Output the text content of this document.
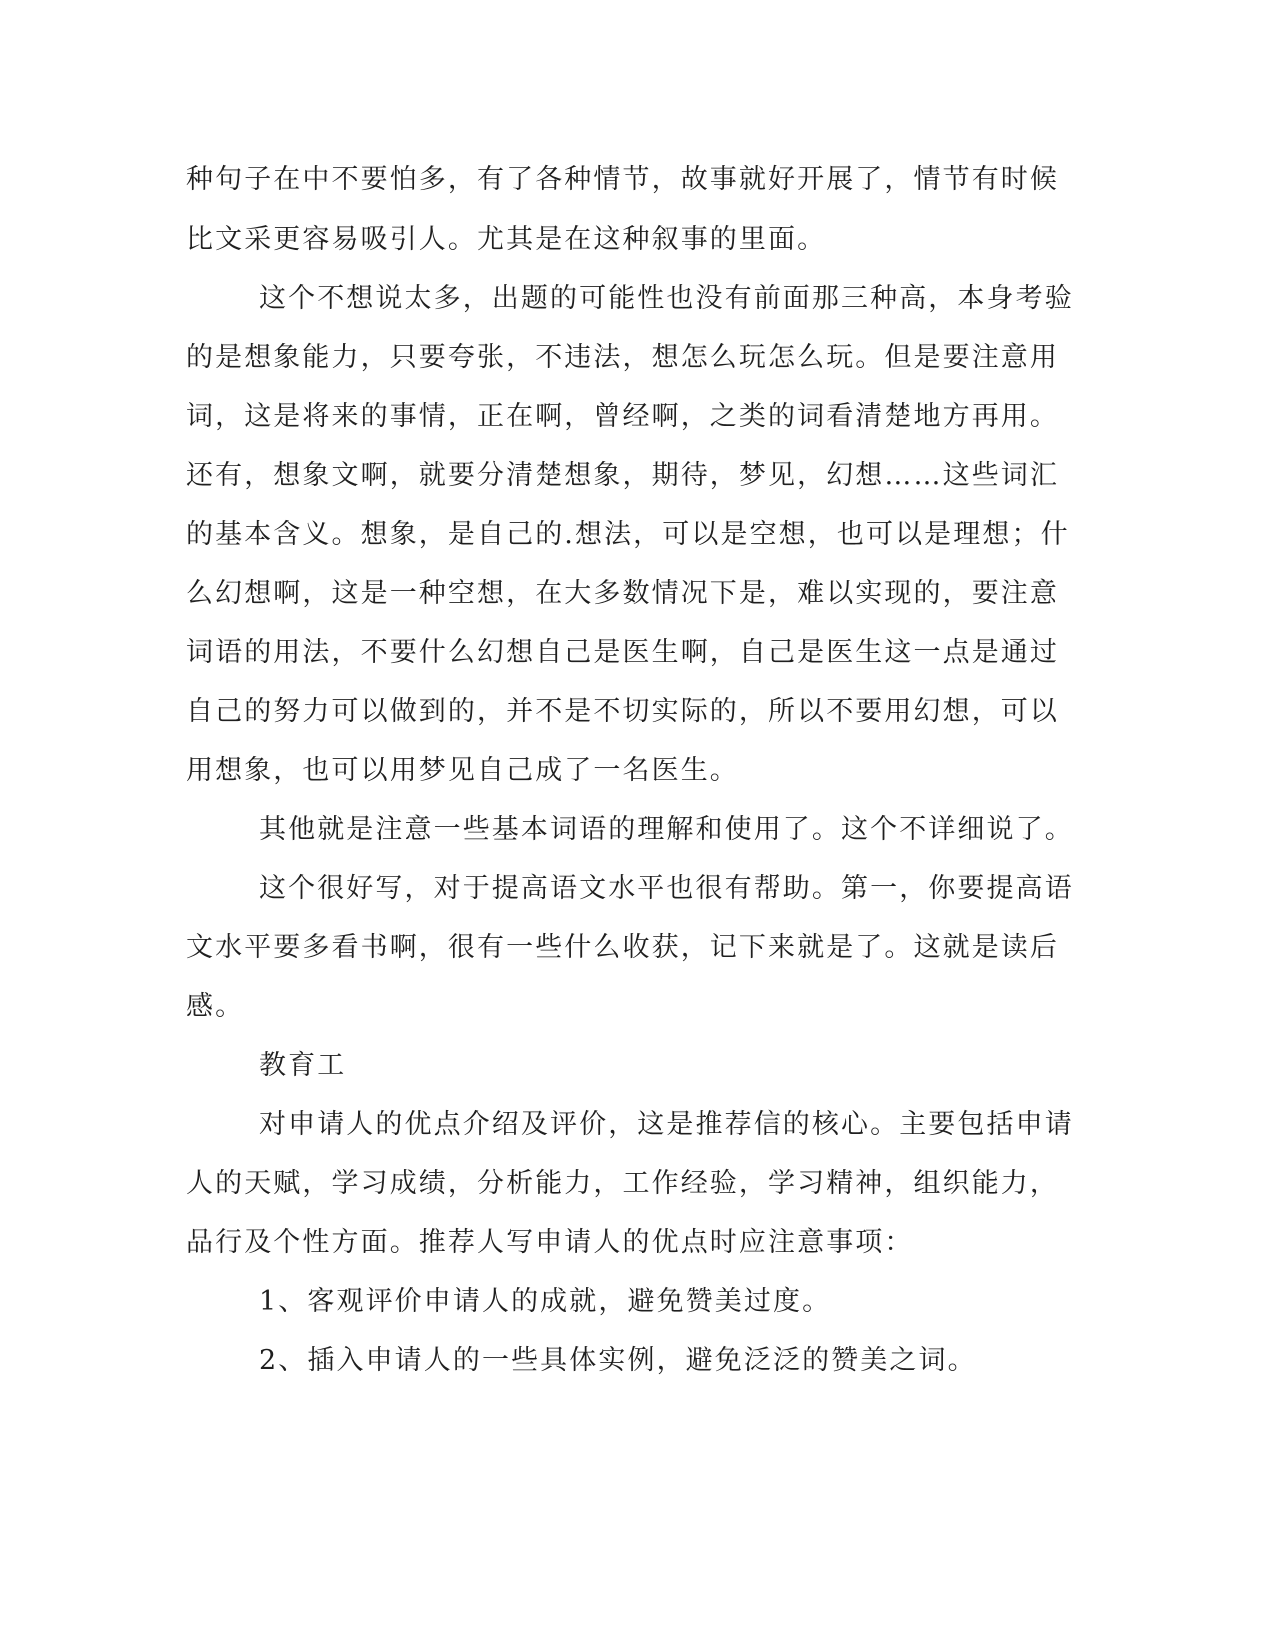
种句子在中不要怕多，有了各种情节，故事就好开展了，情节有时候

比文采更容易吸引人。尤其是在这种叙事的里面。

这个不想说太多，出题的可能性也没有前面那三种高，本身考验

的是想象能力，只要夸张，不违法，想怎么玩怎么玩。但是要注意用

词，这是将来的事情，正在啊，曾经啊，之类的词看清楚地方再用。

还有，想象文啊，就要分清楚想象，期待，梦见，幻想……这些词汇

的基本含义。想象，是自己的.想法，可以是空想，也可以是理想；什

么幻想啊，这是一种空想，在大多数情况下是，难以实现的，要注意

词语的用法，不要什么幻想自己是医生啊，自己是医生这一点是通过

自己的努力可以做到的，并不是不切实际的，所以不要用幻想，可以

用想象，也可以用梦见自己成了一名医生。

其他就是注意一些基本词语的理解和使用了。这个不详细说了。

这个很好写，对于提高语文水平也很有帮助。第一，你要提高语

文水平要多看书啊，很有一些什么收获，记下来就是了。这就是读后

感。

教育工

对申请人的优点介绍及评价，这是推荐信的核心。主要包括申请

人的天赋，学习成绩，分析能力，工作经验，学习精神，组织能力，

品行及个性方面。推荐人写申请人的优点时应注意事项：

1、客观评价申请人的成就，避免赞美过度。

2、插入申请人的一些具体实例，避免泛泛的赞美之词。
